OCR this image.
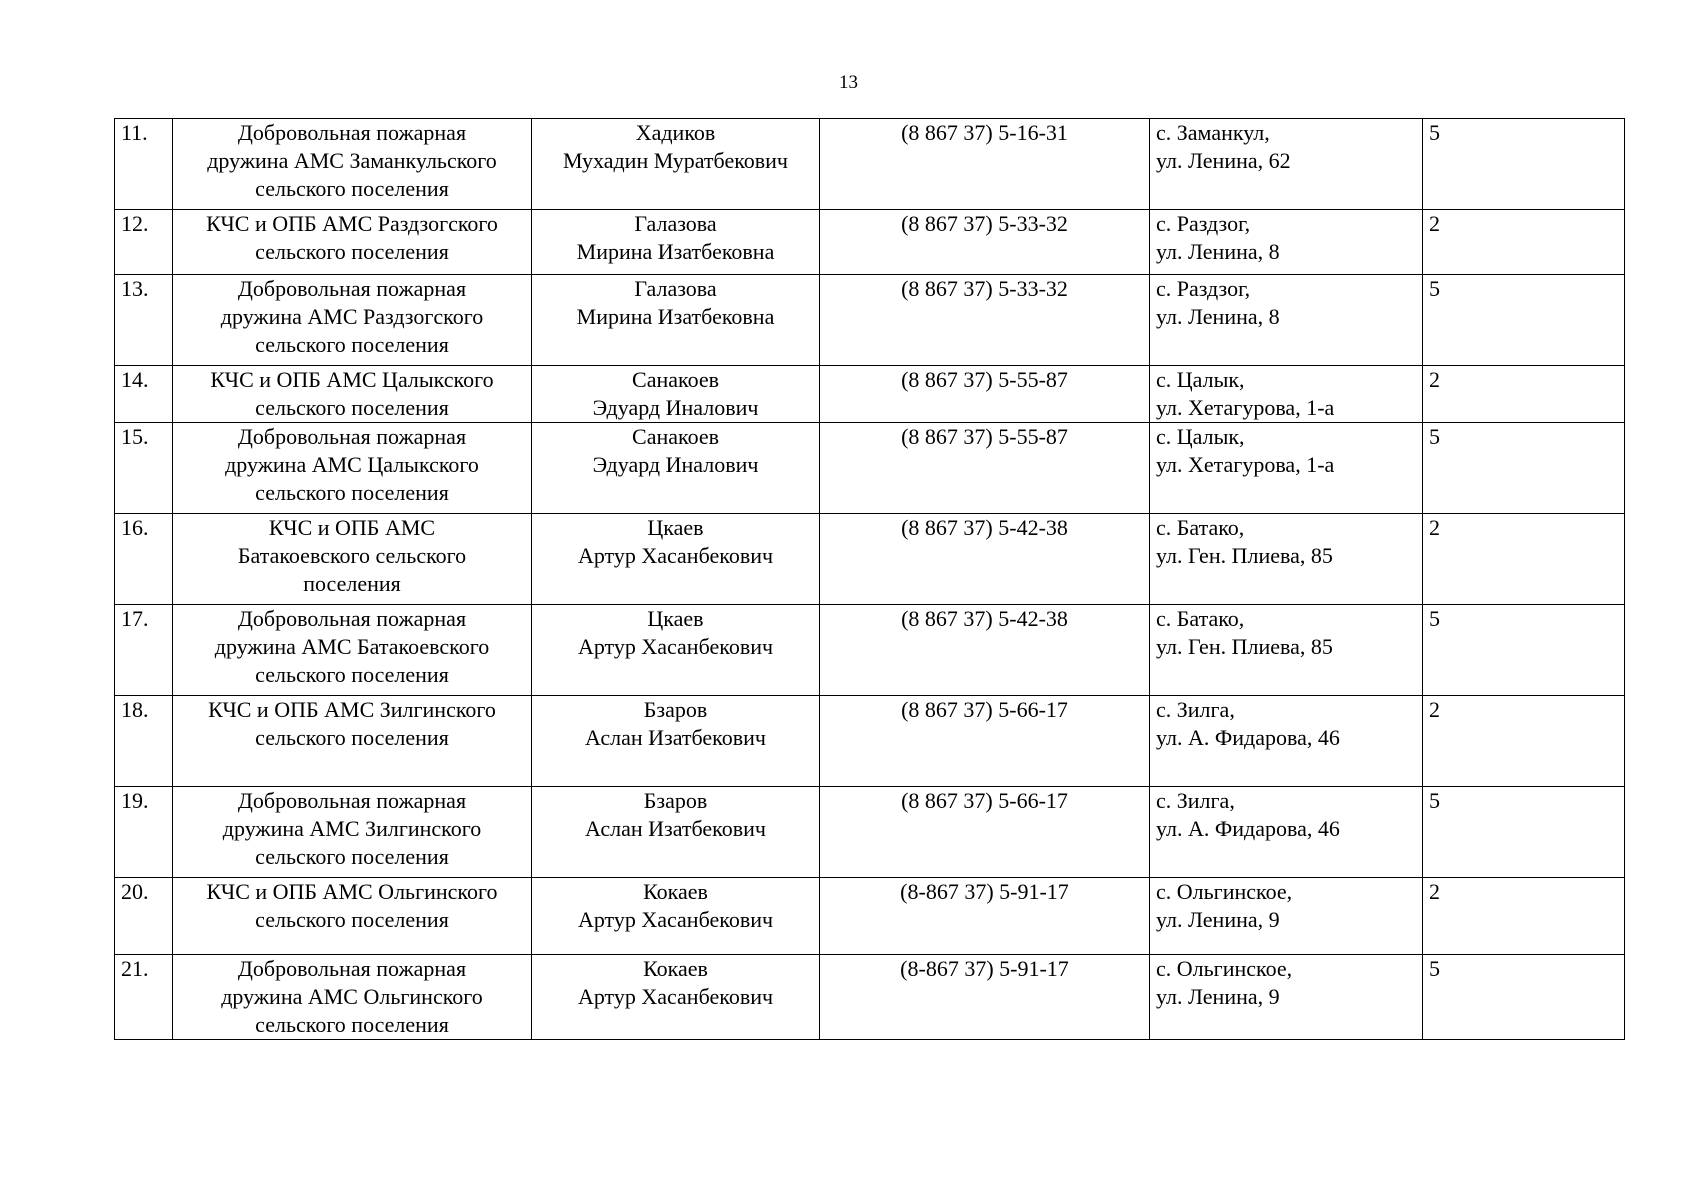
13
11.	Добровольная пожарная
дружина АМС Заманкульского
сельского поселения	Хадиков
Мухадин Муратбекович	(8 867 37) 5-16-31	с. Заманкул,
ул. Ленина, 62	5
12.	КЧС и ОПБ АМС Раздзогского
сельского поселения	Галазова
Мирина Изатбековна	(8 867 37) 5-33-32	с. Раздзог,
ул. Ленина, 8	2
13.	Добровольная пожарная
дружина АМС Раздзогского
сельского поселения	Галазова
Мирина Изатбековна	(8 867 37) 5-33-32	с. Раздзог,
ул. Ленина, 8	5
14.	КЧС и ОПБ АМС Цалыкского
сельского поселения	Санакоев
Эдуард Иналович	(8 867 37) 5-55-87	с. Цалык,
ул. Хетагурова, 1-а	2
15.	Добровольная пожарная
дружина АМС Цалыкского
сельского поселения	Санакоев
Эдуард Иналович	(8 867 37) 5-55-87	с. Цалык,
ул. Хетагурова, 1-а	5
16.	КЧС и ОПБ АМС
Батакоевского сельского
поселения	Цкаев
Артур Хасанбекович	(8 867 37) 5-42-38	с. Батако,
ул. Ген. Плиева, 85	2
17.	Добровольная пожарная
дружина АМС Батакоевского
сельского поселения	Цкаев
Артур Хасанбекович	(8 867 37) 5-42-38	с. Батако,
ул. Ген. Плиева, 85	5
18.	КЧС и ОПБ АМС Зилгинского
сельского поселения	Бзаров
Аслан Изатбекович	(8 867 37) 5-66-17	с. Зилга,
ул. А. Фидарова, 46	2
19.	Добровольная пожарная
дружина АМС Зилгинского
сельского поселения	Бзаров
Аслан Изатбекович	(8 867 37) 5-66-17	с. Зилга,
ул. А. Фидарова, 46	5
20.	КЧС и ОПБ АМС Ольгинского
сельского поселения	Кокаев
Артур Хасанбекович	(8-867 37) 5-91-17	с. Ольгинское,
ул. Ленина, 9	2
21.	Добровольная пожарная
дружина АМС Ольгинского
сельского поселения	Кокаев
Артур Хасанбекович	(8-867 37) 5-91-17	с. Ольгинское,
ул. Ленина, 9	5
